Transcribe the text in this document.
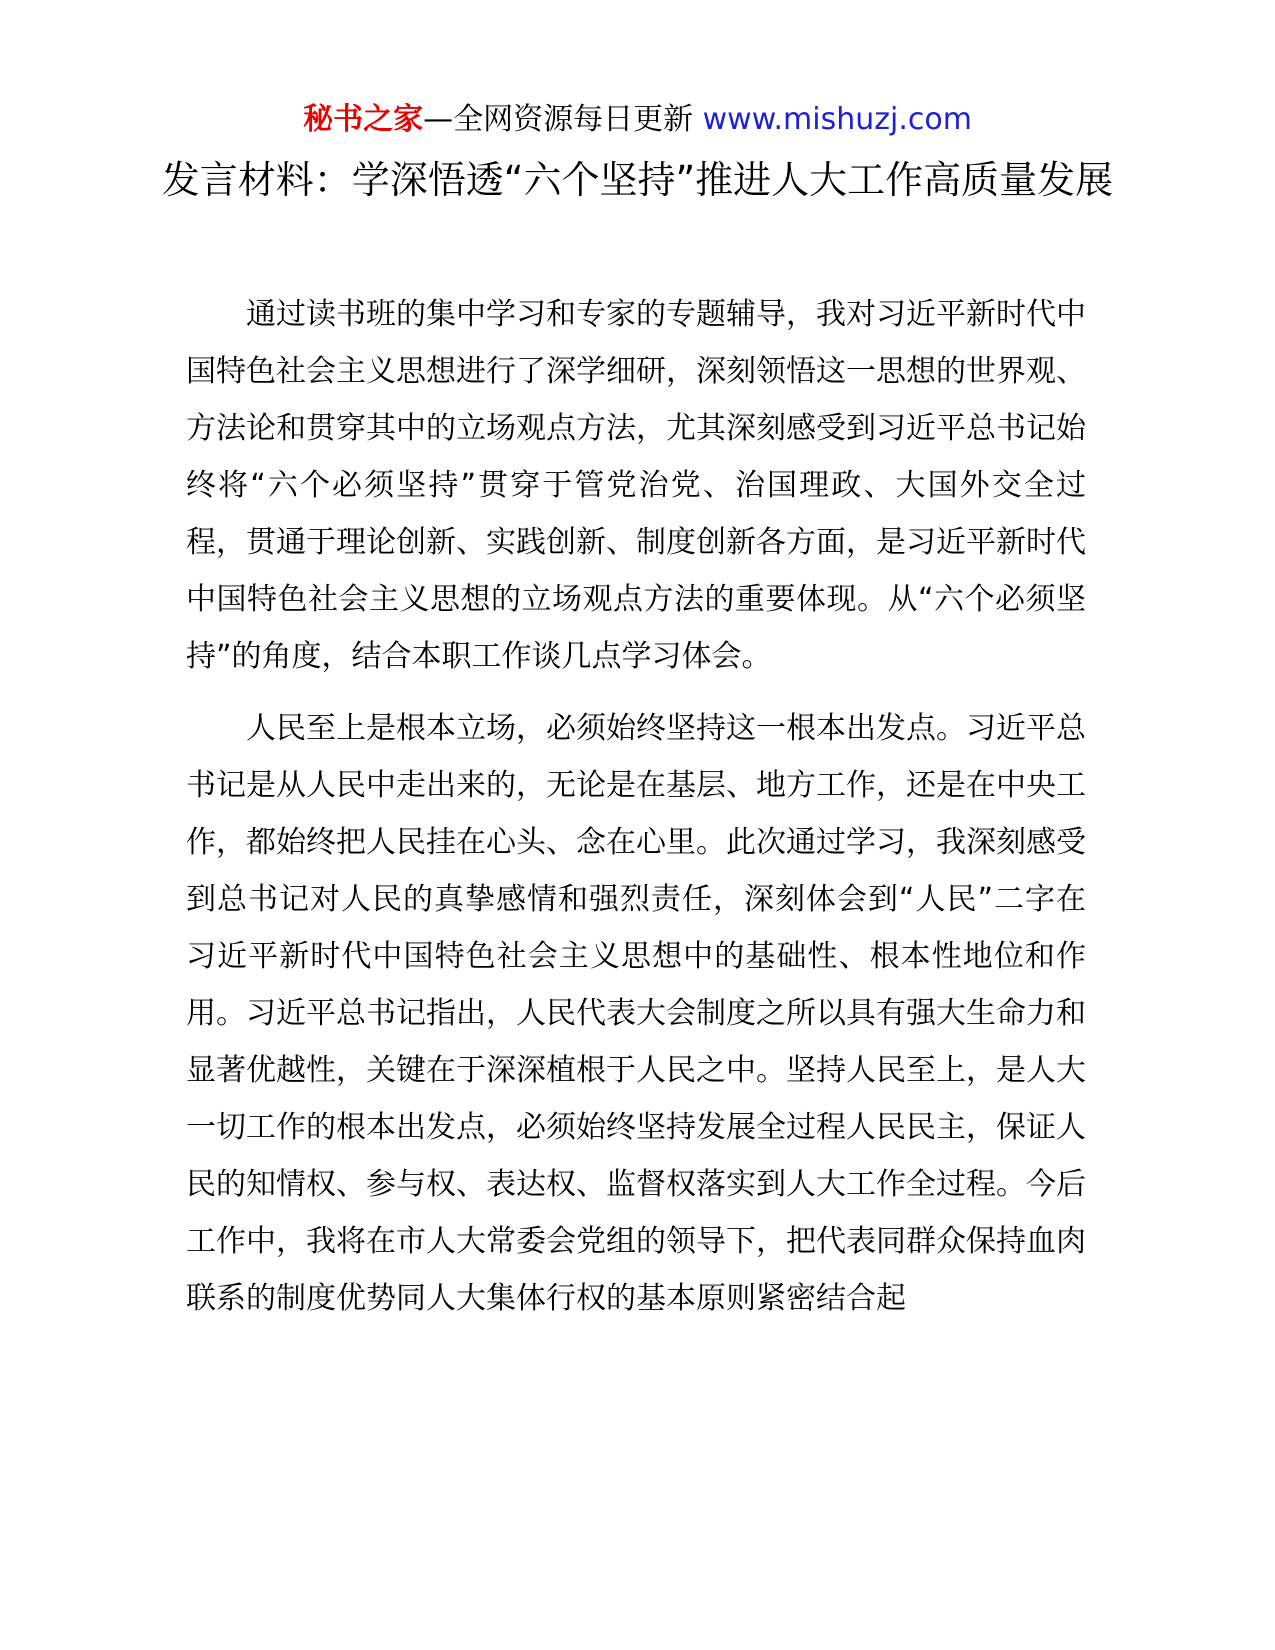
秘书之家—全网资源每日更新 www.mishuzj.com
发言材料：学深悟透“六个坚持”推进人大工作高质量发展

通过读书班的集中学习和专家的专题辅导，我对习近平新时代中国特色社会主义思想进行了深学细研，深刻领悟这一思想的世界观、方法论和贯穿其中的立场观点方法，尤其深刻感受到习近平总书记始终将“六个必须坚持”贯穿于管党治党、治国理政、大国外交全过程，贯通于理论创新、实践创新、制度创新各方面，是习近平新时代中国特色社会主义思想的立场观点方法的重要体现。从“六个必须坚持”的角度，结合本职工作谈几点学习体会。

人民至上是根本立场，必须始终坚持这一根本出发点。习近平总书记是从人民中走出来的，无论是在基层、地方工作，还是在中央工作，都始终把人民挂在心头、念在心里。此次通过学习，我深刻感受到总书记对人民的真挚感情和强烈责任，深刻体会到“人民”二字在习近平新时代中国特色社会主义思想中的基础性、根本性地位和作用。习近平总书记指出，人民代表大会制度之所以具有强大生命力和显著优越性，关键在于深深植根于人民之中。坚持人民至上，是人大一切工作的根本出发点，必须始终坚持发展全过程人民民主，保证人民的知情权、参与权、表达权、监督权落实到人大工作全过程。今后工作中，我将在市人大常委会党组的领导下，把代表同群众保持血肉联系的制度优势同人大集体行权的基本原则紧密结合起
